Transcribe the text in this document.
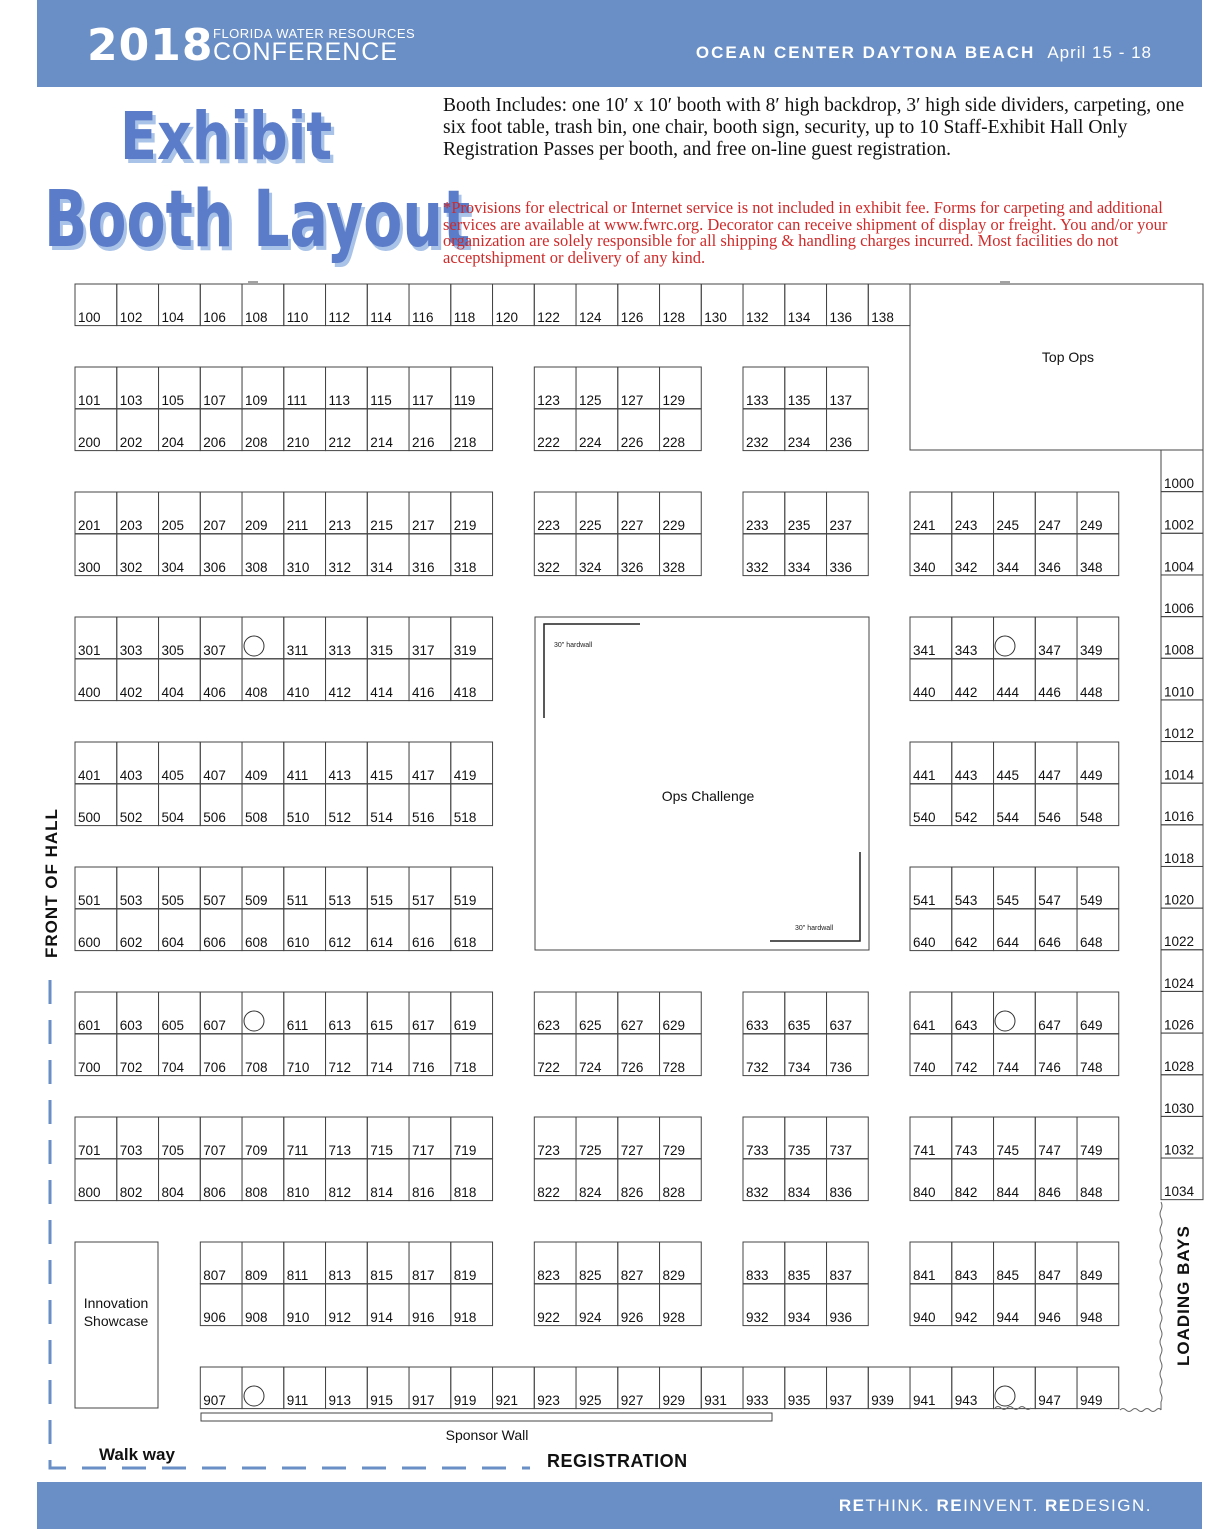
2018 FLORIDA WATER RESOURCES
CONFERENCE	OCEAN CENTER DAYTONA BEACH April 15 - 18
Exhibit
Booth Layout
Booth Includes: one 10′ x 10′ booth with 8′ high backdrop, 3′ high side dividers, carpeting, one six foot table, trash bin, one chair, booth sign, security, up to 10 Staff-Exhibit Hall Only Registration Passes per booth, and free on-line guest registration.
*Provisions for electrical or Internet service is not included in exhibit fee. Forms for carpeting and additional services are available at www.fwrc.org. Decorator can receive shipment of display or freight. You and/or your organization are solely responsible for all shipping & handling charges incurred. Most facilities do not acceptshipment or delivery of any kind.
100 102 104 106 108 110 112 114 116 118 120 122 124 126 128 130 132 134 136 138
101 103 105 107 109 111 113 115 117 119	123 125 127 129	133 135 137
200 202 204 206 208 210 212 214 216 218	222 224 226 228	232 234 236
201 203 205 207 209 211 213 215 217 219	223 225 227 229	233 235 237	241 243 245 247 249
300 302 304 306 308 310 312 314 316 318	322 324 326 328	332 334 336	340 342 344 346 348
301 303 305 307	311 313 315 317 319	341 343	347 349
400 402 404 406 408 410 412 414 416 418	440 442 444 446 448
401 403 405 407 409 411 413 415 417 419	441 443 445 447 449
500 502 504 506 508 510 512 514 516 518	540 542 544 546 548
501 503 505 507 509 511 513 515 517 519	541 543 545 547 549
600 602 604 606 608 610 612 614 616 618	640 642 644 646 648
601 603 605 607	611 613 615 617 619	623 625 627 629	633 635 637	641 643	647 649
700 702 704 706 708 710 712 714 716 718	722 724 726 728	732 734 736	740 742 744 746 748
701 703 705 707 709 711 713 715 717 719	723 725 727 729	733 735 737	741 743 745 747 749
800 802 804 806 808 810 812 814 816 818	822 824 826 828	832 834 836	840 842 844 846 848
807 809 811 813 815 817 819	823 825 827 829	833 835 837	841 843 845 847 849
906 908 910 912 914 916 918	922 924 926 928	932 934 936	940 942 944 946 948
907	911 913 915 917 919 921 923 925 927 929 931 933 935 937 939 941 943	947 949
1000
1002
1004
1006
1008
1010
1012
1014
1016
1018
1020
1022
1024
1026
1028
1030
1032
1034
Top Ops
Ops Challenge
30" hardwall
30" hardwall
Innovation
Showcase
Sponsor Wall
FRONT OF HALL
LOADING BAYS
Walk way	REGISTRATION
RETHINK. REINVENT. REDESIGN.
